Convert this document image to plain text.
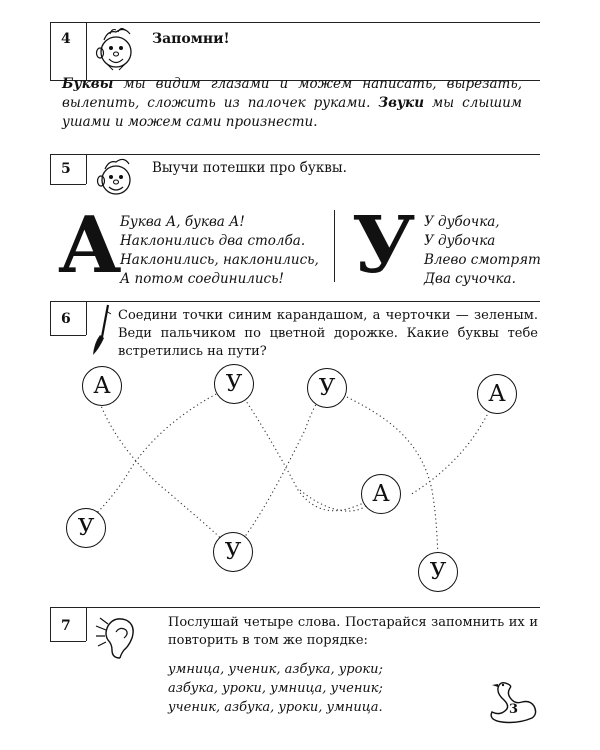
4	Запомни!
Буквы мы видим глазами и можем написать, вырезать, вылепить, сложить из палочек руками. Звуки мы слышим ушами и можем сами произнести.
5	Выучи потешки про буквы.
А
Буква А, буква А!
Наклонились два столба.
Наклонились, наклонились,
А потом соединились! У У дубочка,
У дубочка
Влево смотрят
Два сучочка.
6	Соедини точки синим карандашом, а черточки — зеленым. Веди пальчиком по цветной дорожке. Какие буквы тебе встретились на пути?
А	У	У	А
У
У
А
У
7	Послушай четыре слова. Постарайся запомнить их и повторить в том же порядке:
умница, ученик, азбука, уроки;
азбука, уроки, умница, ученик;
ученик, азбука, уроки, умница.	3
